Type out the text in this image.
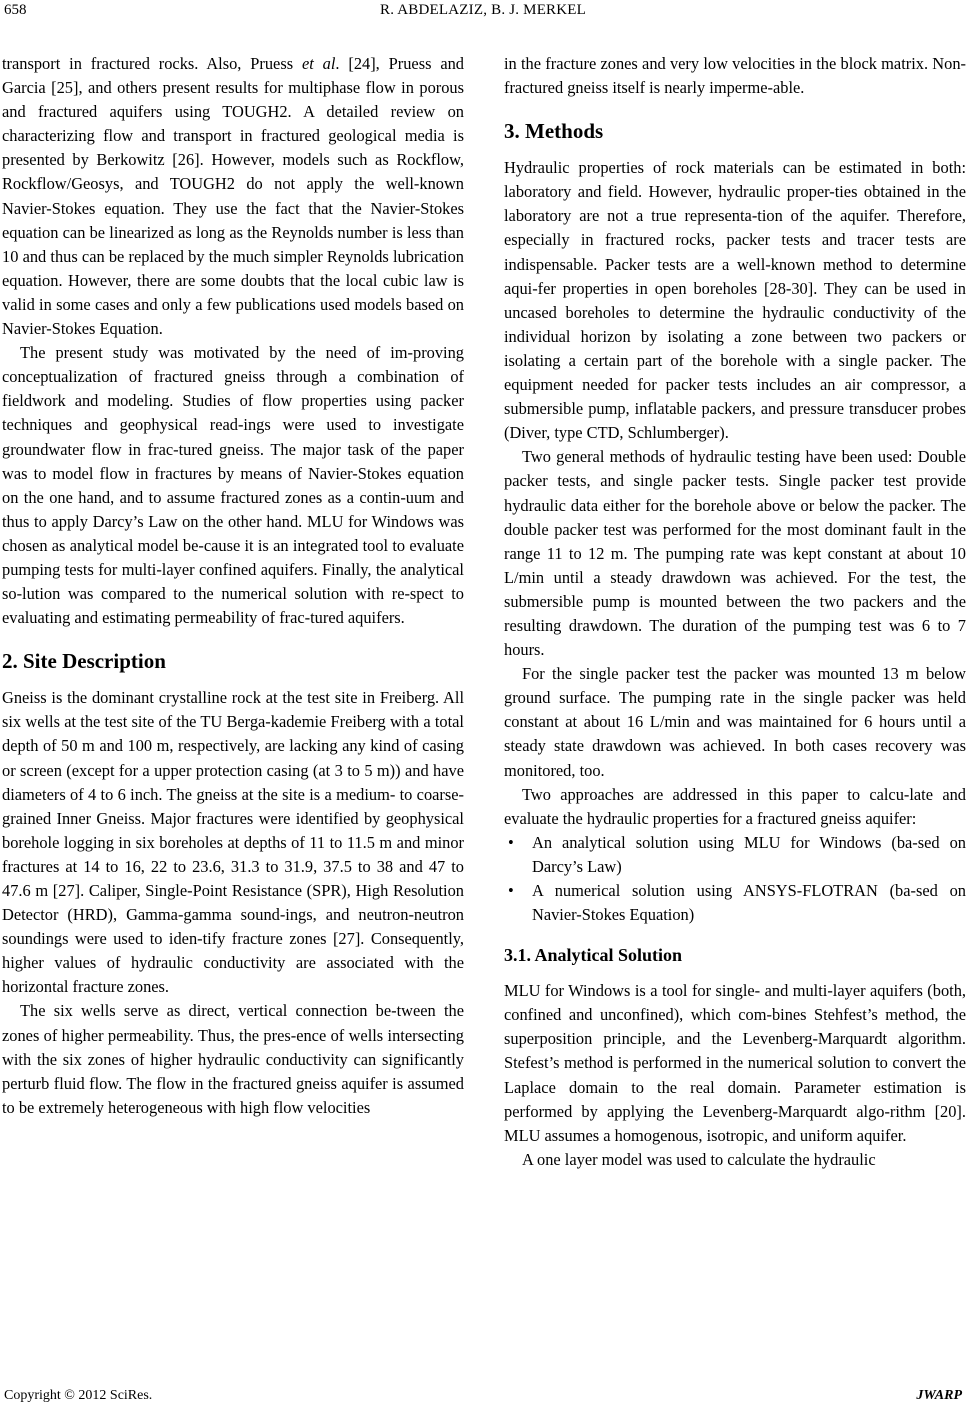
658	R. ABDELAZIZ, B. J. MERKEL

transport in fractured rocks. Also, Pruess et al. [24], Pruess and Garcia [25], and others present results for multiphase flow in porous and fractured aquifers using TOUGH2. A detailed review on characterizing flow and transport in fractured geological media is presented by Berkowitz [26]. However, models such as Rockflow, Rockflow/Geosys, and TOUGH2 do not apply the well-known Navier-Stokes equation. They use the fact that the Navier-Stokes equation can be linearized as long as the Reynolds number is less than 10 and thus can be replaced by the much simpler Reynolds lubrication equation. However, there are some doubts that the local cubic law is valid in some cases and only a few publications used models based on Navier-Stokes Equation.

The present study was motivated by the need of im-proving conceptualization of fractured gneiss through a combination of fieldwork and modeling. Studies of flow properties using packer techniques and geophysical read-ings were used to investigate groundwater flow in frac-tured gneiss. The major task of the paper was to model flow in fractures by means of Navier-Stokes equation on the one hand, and to assume fractured zones as a contin-uum and thus to apply Darcy’s Law on the other hand. MLU for Windows was chosen as analytical model be-cause it is an integrated tool to evaluate pumping tests for multi-layer confined aquifers. Finally, the analytical so-lution was compared to the numerical solution with re-spect to evaluating and estimating permeability of frac-tured aquifers.

2. Site Description

Gneiss is the dominant crystalline rock at the test site in Freiberg. All six wells at the test site of the TU Berga-kademie Freiberg with a total depth of 50 m and 100 m, respectively, are lacking any kind of casing or screen (except for a upper protection casing (at 3 to 5 m)) and have diameters of 4 to 6 inch. The gneiss at the site is a medium- to coarse-grained Inner Gneiss. Major fractures were identified by geophysical borehole logging in six boreholes at depths of 11 to 11.5 m and minor fractures at 14 to 16, 22 to 23.6, 31.3 to 31.9, 37.5 to 38 and 47 to 47.6 m [27]. Caliper, Single-Point Resistance (SPR), High Resolution Detector (HRD), Gamma-gamma sound-ings, and neutron-neutron soundings were used to iden-tify fracture zones [27]. Consequently, higher values of hydraulic conductivity are associated with the horizontal fracture zones.

The six wells serve as direct, vertical connection be-tween the zones of higher permeability. Thus, the pres-ence of wells intersecting with the six zones of higher hydraulic conductivity can significantly perturb fluid flow. The flow in the fractured gneiss aquifer is assumed to be extremely heterogeneous with high flow velocities

in the fracture zones and very low velocities in the block matrix. Non-fractured gneiss itself is nearly imperme-able.

3. Methods

Hydraulic properties of rock materials can be estimated in both: laboratory and field. However, hydraulic proper-ties obtained in the laboratory are not a true representa-tion of the aquifer. Therefore, especially in fractured rocks, packer tests and tracer tests are indispensable. Packer tests are a well-known method to determine aqui-fer properties in open boreholes [28-30]. They can be used in uncased boreholes to determine the hydraulic conductivity of the individual horizon by isolating a zone between two packers or isolating a certain part of the borehole with a single packer. The equipment needed for packer tests includes an air compressor, a submersible pump, inflatable packers, and pressure transducer probes (Diver, type CTD, Schlumberger).

Two general methods of hydraulic testing have been used: Double packer tests, and single packer tests. Single packer test provide hydraulic data either for the borehole above or below the packer. The double packer test was performed for the most dominant fault in the range 11 to 12 m. The pumping rate was kept constant at about 10 L/min until a steady drawdown was achieved. For the test, the submersible pump is mounted between the two packers and the resulting drawdown. The duration of the pumping test was 6 to 7 hours.

For the single packer test the packer was mounted 13 m below ground surface. The pumping rate in the single packer was held constant at about 16 L/min and was maintained for 6 hours until a steady state drawdown was achieved. In both cases recovery was monitored, too.

Two approaches are addressed in this paper to calcu-late and evaluate the hydraulic properties for a fractured gneiss aquifer:

• An analytical solution using MLU for Windows (ba-sed on Darcy’s Law)
• A numerical solution using ANSYS-FLOTRAN (ba-sed on Navier-Stokes Equation)
3.1. Analytical Solution

MLU for Windows is a tool for single- and multi-layer aquifers (both, confined and unconfined), which com-bines Stehfest’s method, the superposition principle, and the Levenberg-Marquardt algorithm. Stefest’s method is performed in the numerical solution to convert the Laplace domain to the real domain. Parameter estimation is performed by applying the Levenberg-Marquardt algo-rithm [20]. MLU assumes a homogenous, isotropic, and uniform aquifer.

A one layer model was used to calculate the hydraulic

Copyright © 2012 SciRes.	JWARP
